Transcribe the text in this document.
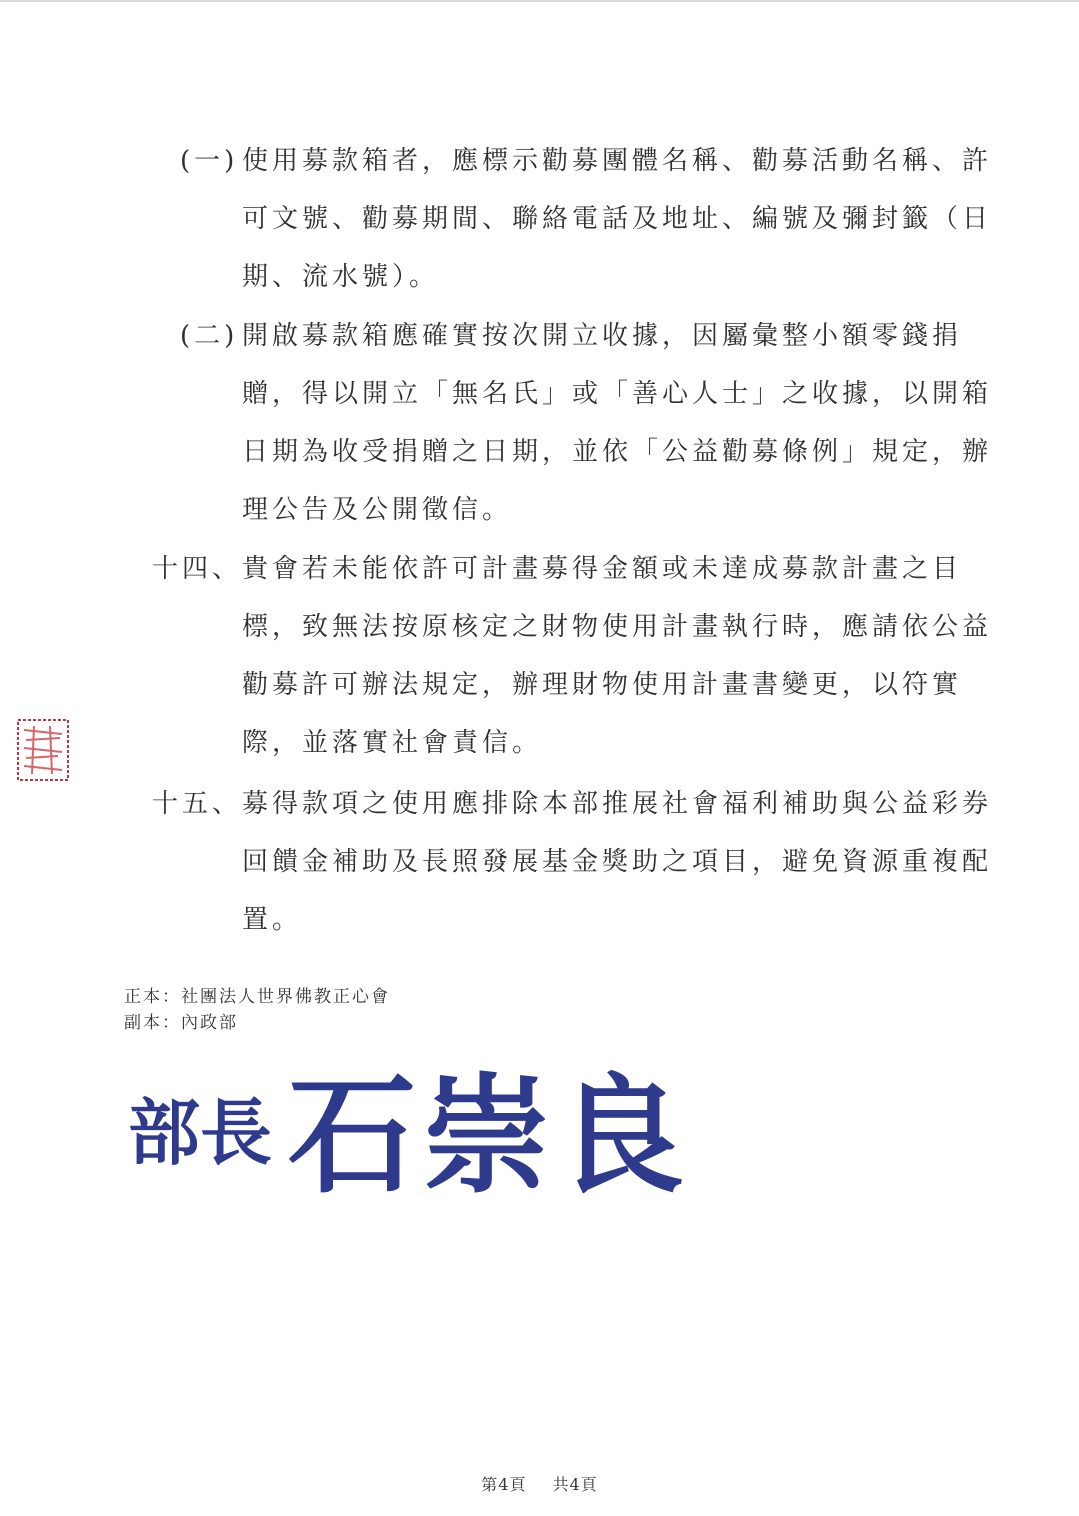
(一) 使用募款箱者，應標示勸募團體名稱、勸募活動名稱、許
可文號、勸募期間、聯絡電話及地址、編號及彌封籤（日
期、流水號）。
(二) 開啟募款箱應確實按次開立收據，因屬彙整小額零錢捐
贈，得以開立「無名氏」或「善心人士」之收據，以開箱
日期為收受捐贈之日期，並依「公益勸募條例」規定，辦
理公告及公開徵信。
十四、 貴會若未能依許可計畫募得金額或未達成募款計畫之目
標，致無法按原核定之財物使用計畫執行時，應請依公益
勸募許可辦法規定，辦理財物使用計畫書變更，以符實
際，並落實社會責信。
十五、 募得款項之使用應排除本部推展社會福利補助與公益彩券
回饋金補助及長照發展基金獎助之項目，避免資源重複配
置。
正本：社團法人世界佛教正心會
副本：內政部
部長 石崇良
第4頁 共4頁
